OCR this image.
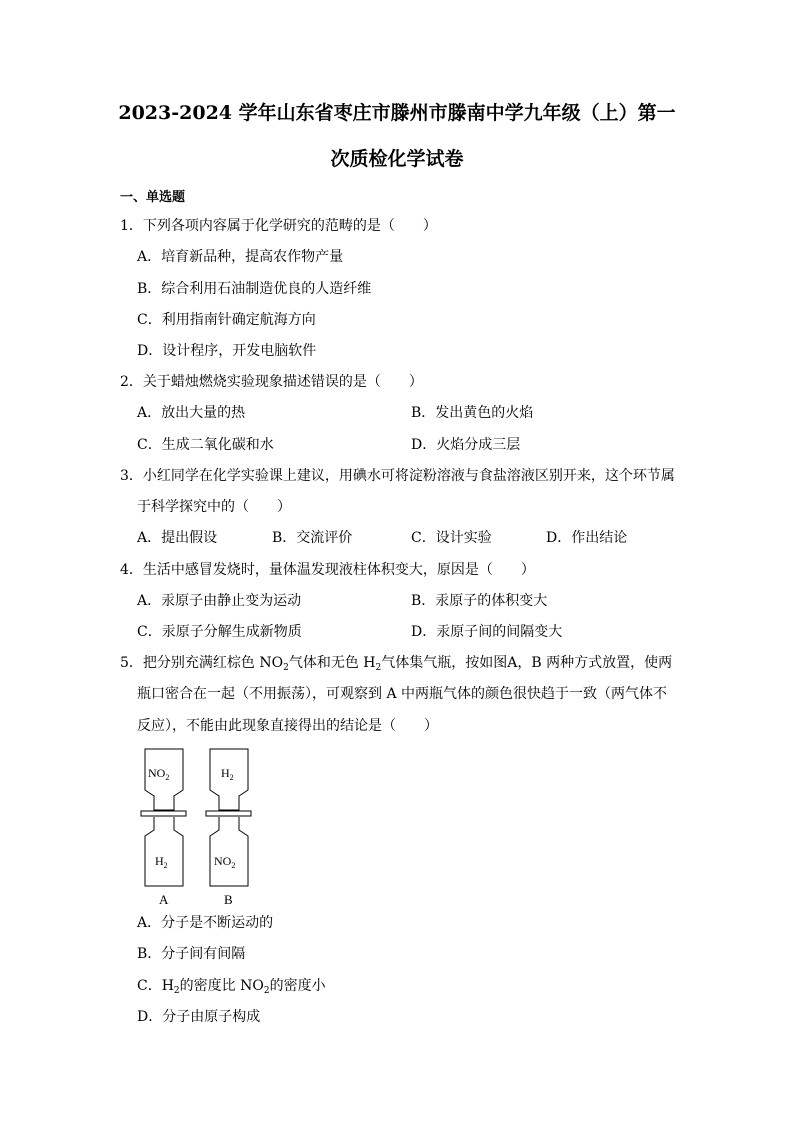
2023-2024 学年山东省枣庄市滕州市滕南中学九年级（上）第一
次质检化学试卷
一、单选题
1．下列各项内容属于化学研究的范畴的是（　　）
A．培育新品种，提高农作物产量
B．综合利用石油制造优良的人造纤维
C．利用指南针确定航海方向
D．设计程序，开发电脑软件
2．关于蜡烛燃烧实验现象描述错误的是（　　）
A．放出大量的热	B．发出黄色的火焰
C．生成二氧化碳和水	D．火焰分成三层
3．小红同学在化学实验课上建议，用碘水可将淀粉溶液与食盐溶液区别开来，这个环节属
于科学探究中的（　　）
A．提出假设	B．交流评价	C．设计实验	D．作出结论
4．生活中感冒发烧时，量体温发现液柱体积变大，原因是（　　）
A．汞原子由静止变为运动	B．汞原子的体积变大
C．汞原子分解生成新物质	D．汞原子间的间隔变大
5．把分别充满红棕色 $NO_2$气体和无色 $H_2$气体集气瓶，按如图A，B 两种方式放置，使两
瓶口密合在一起（不用振荡），可观察到 A 中两瓶气体的颜色很快趋于一致（两气体不
反应），不能由此现象直接得出的结论是（　　）
$NO_2$
$H_2$
$H_2$
$NO_2$
A	B
A．分子是不断运动的
B．分子间有间隔
C．$H_2$的密度比 $NO_2$的密度小
D．分子由原子构成
